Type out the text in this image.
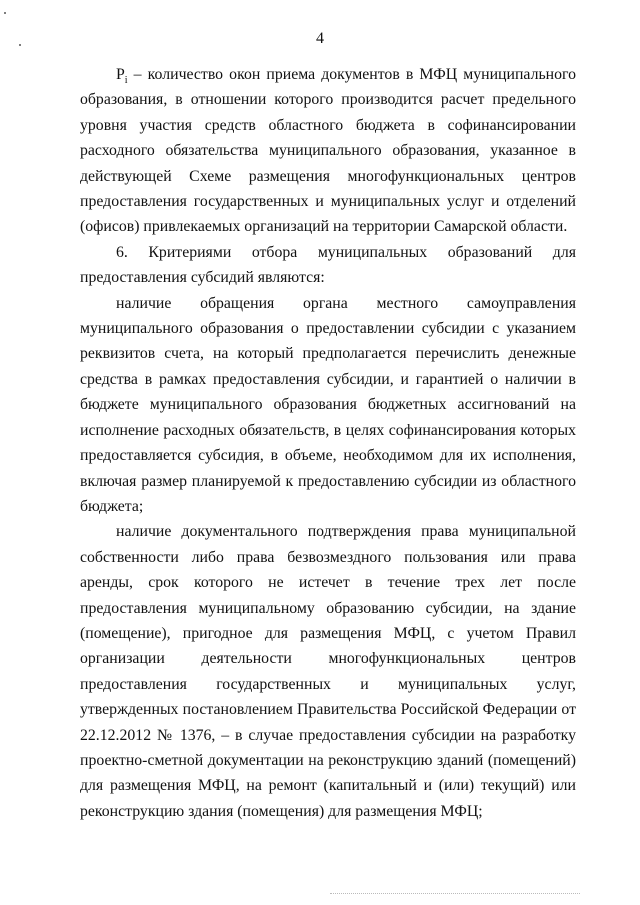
4

$P_i$ – количество окон приема документов в МФЦ муниципального образования, в отношении которого производится расчет предельного уровня участия средств областного бюджета в софинансировании расходного обязательства муниципального образования, указанное в действующей Схеме размещения многофункциональных центров предоставления государственных и муниципальных услуг и отделений (офисов) привлекаемых организаций на территории Самарской области.

6. Критериями отбора муниципальных образований для предоставления субсидий являются:

наличие обращения органа местного самоуправления муниципального образования о предоставлении субсидии с указанием реквизитов счета, на который предполагается перечислить денежные средства в рамках предоставления субсидии, и гарантией о наличии в бюджете муниципального образования бюджетных ассигнований на исполнение расходных обязательств, в целях софинансирования которых предоставляется субсидия, в объеме, необходимом для их исполнения, включая размер планируемой к предоставлению субсидии из областного бюджета;

наличие документального подтверждения права муниципальной собственности либо права безвозмездного пользования или права аренды, срок которого не истечет в течение трех лет после предоставления муниципальному образованию субсидии, на здание (помещение), пригодное для размещения МФЦ, с учетом Правил организации деятельности многофункциональных центров предоставления государственных и муниципальных услуг, утвержденных постановлением Правительства Российской Федерации от 22.12.2012 № 1376, – в случае предоставления субсидии на разработку проектно-сметной документации на реконструкцию зданий (помещений) для размещения МФЦ, на ремонт (капитальный и (или) текущий) или реконструкцию здания (помещения) для размещения МФЦ;
